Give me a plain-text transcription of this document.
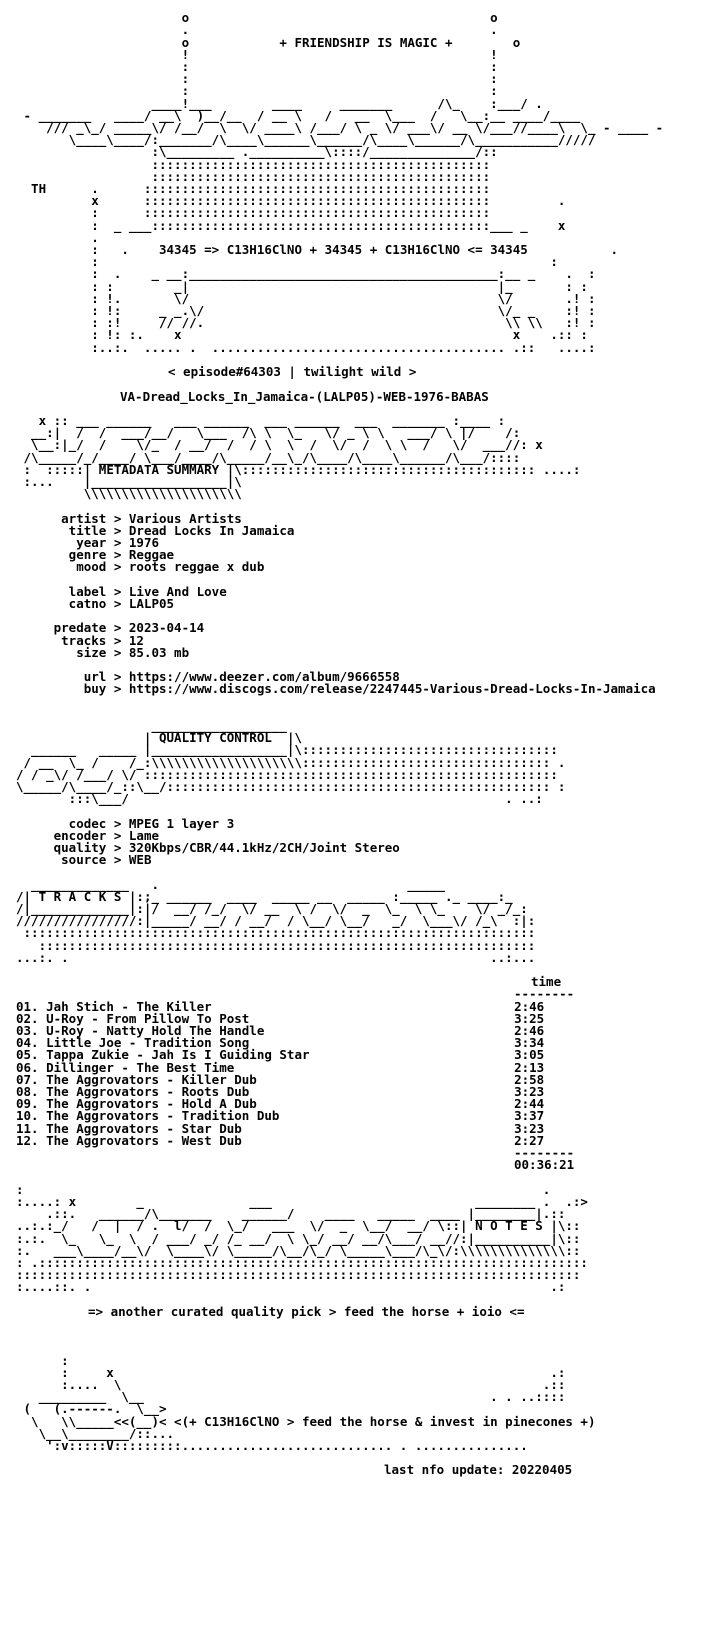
o                                        o
.                                        .
o	+ FRIENDSHIP IS MAGIC +	o
!                                        !
:                                        :
:                                        :
:                                        :
____!___        ____     _______      /\_    :___/ .
- _______   ____/ __\  )__/__  / __ \   /   __  \___  /   \__:__ ____/____
/// _\_/ _____\/ /__/  \  \/ ____\ /___/ \ _ \/ ___\/ __ \/___//____\  \_ - ____ -
\____\____/:_______/\____\______\______/\____\______/\___________/////
:\_________ .__________\::::/______________/::
:::::::::::::::::::::::::::::::::::::::::::::
:::::::::::::::::::::::::::::::::::::::::::::
TH      .      ::::::::::::::::::::::::::::::::::::::::::::::
x      ::::::::::::::::::::::::::::::::::::::::::::::         .
:      ::::::::::::::::::::::::::::::::::::::::::::::
:  _ ___:::::::::::::::::::::::::::::::::::::::::::::___ _    x
.
:   .    34345 => C13H16ClNO + 34345 + C13H16ClNO <= 34345	.
:                                                            :
:  .    _ __:_________________________________________:__ _    .  :
: :        _|                                         |_       : :
: !.       \/                                         \/       .! :
: !:     _ _.\/                                       \/_ _    :! :
: :!     // //.                                        \\ \\   :! :
: !: :.    x                                            x    .:: :
:..:.  ..... .  ....................................... .::   ....:

< episode#64303 | twilight wild >

VA-Dread_Locks_In_Jamaica-(LALP05)-WEB-1976-BABAS

x :: ___ ______   ___ ______  ___ ______  ___  _______ :____ :
__:|  /  /  ___/__/   \___  /\ \  \_   \/ _ \ \   ___/ \ |/    /:
\__:|_/  /    \/_  / __/  /  / \  \  /  \/  /  \ \  /   \/  ___//: x
/\_____/_/____/ \___/____/\_____/__\_/\____/\____\______/\___/::::
:  :::::| METADATA SUMMARY |\::::::::::::::::::::::::::::::::::::::: ....:
:...    |__________________|\
\\\\\\\\\\\\\\\\\\\\\

artist > Various Artists
title > Dread Locks In Jamaica
year > 1976
genre > Reggae
mood > roots reggae x dub

label > Live And Love
catno > LALP05

predate > 2023-04-14
tracks > 12
size > 85.03 mb

url > https://www.deezer.com/album/9666558
buy > https://www.discogs.com/release/2247445-Various-Dread-Locks-In-Jamaica

__________________
| QUALITY CONTROL  |\
______   _____ |__________________|\::::::::::::::::::::::::::::::::::
/ __  \_ /    /_:\\\\\\\\\\\\\\\\\\\\::::::::::::::::::::::::::::::::: .
/ / _\/ /___/ \/ :::::::::::::::::::::::::::::::::::::::::::::::::::::::
\_____/\____/_::\__/::::::::::::::::::::::::::::::::::::::::::::::::::: :
:::\___/                                                  . ..:

codec > MPEG 1 layer 3
encoder > Lame
quality > 320Kbps/CBR/44.1kHz/2CH/Joint Stereo
source > WEB

_____________   .                                 _____
/| T R A C K S |:;_ ______  ____  _____ __  _____ :_____ ._ ____:_
/|_____________|:|/  __/ /_/  \/ __  \ /  \/  _  \_  \ \_    \/ _/_:
////////////////:|_____/ __/ / __/  / \__/ \__/   _/  \___\/ /_\  :|:
::::::::::::::::::::::::::::::::::::::::::::::::::::::::::::::::::::
::::::::::::::::::::::::::::::::::::::::::::::::::::::::::::::::::
...:. .                                                        ..:...

time
--------
01. Jah Stich - The Killer	2:46
02. U-Roy - From Pillow To Post	3:25
03. U-Roy - Natty Hold The Handle	2:46
04. Little Joe - Tradition Song	3:34
05. Tappa Zukie - Jah Is I Guiding Star	3:05
06. Dillinger - The Best Time	2:13
07. The Aggrovators - Killer Dub	2:58
08. The Aggrovators - Roots Dub	3:23
09. The Aggrovators - Hold A Dub	2:44
10. The Aggrovators - Tradition Dub	3:37
11. The Aggrovators - Star Dub	3:23
12. The Aggrovators - West Dub	2:27
--------
00:36:21

:                                                                     .
:....: x        _              ___                           ________ .  .:>
.::.   ______/\_______    ______/    ____   _____  ____ |________|.::
..:.:_/   /  |  / .  l/  /  \_/   ___  \/  _  \__/  __/ \::| N O T E S |\::
:.:.  \_   \_  \  / ___/ _/ /_ __/  \ \_/ __/ __/\___/ __//:|__________|\::
:.   ___\____/__\/  \____\/ \_____/\__/\_/ \_____\___/\_\/:\\\\\\\\\\\\\\::
: .:::::::::::::::::::::::::::::::::::::::::::::::::::::::::::::::::::::::::
:::::::::::::::::::::::::::::::::::::::::::::::::::::::::::::::::::::::::::
:....::. .                                                             .:

=> another curated quality pick > feed the horse + ioio <=

:
:     x                                                          .:
:....  \                                                        .::
_________  \__                                              . . ..::::
(   (.------.  \__>
\   \\_____<<(__)< <(+ C13H16ClNO > feed the horse & invest in pinecones +)
\__\________/::...
':v:::::V:::::::::............................ . ...............

last nfo update: 20220405
